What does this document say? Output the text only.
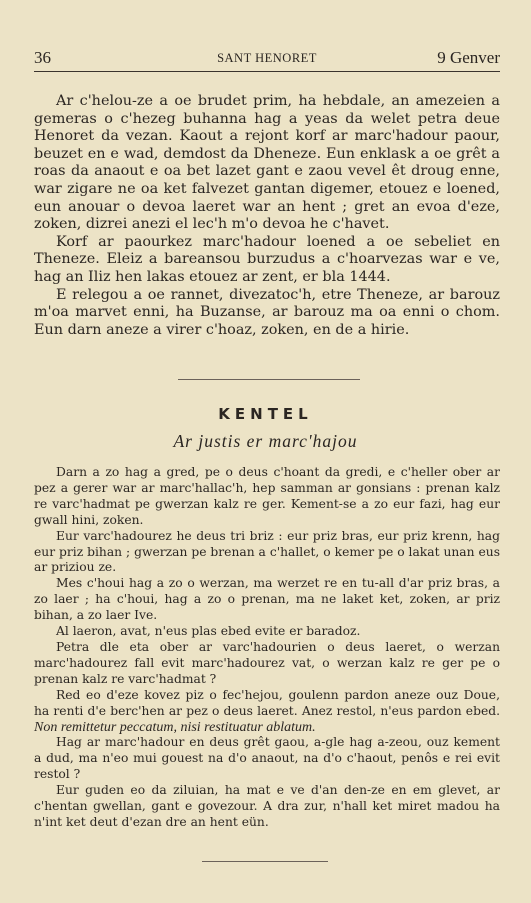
36	SANT HENORET	9 Genver

Ar c'helou-ze a oe brudet prim, ha hebdale, an amezeien a gemeras o c'hezeg buhanna hag a yeas da welet petra deue Henoret da vezan. Kaout a rejont korf ar marc'hadour paour, beuzet en e wad, demdost da Dheneze. Eun enklask a oe grêt a roas da anaout e oa bet lazet gant e zaou vevel êt droug enne, war zigare ne oa ket falvezet gantan digemer, etouez e loened, eun anouar o devoa laeret war an hent ; gret an evoa d'eze, zoken, dizrei anezi el lec'h m'o devoa he c'havet.

Korf ar paourkez marc'hadour loened a oe sebeliet en Theneze. Eleiz a bareansou burzudus a c'hoarvezas war e ve, hag an Iliz hen lakas etouez ar zent, er bla 1444.

E relegou a oe rannet, divezatoc'h, etre Theneze, ar barouz m'oa marvet enni, ha Buzanse, ar barouz ma oa enni o chom. Eun darn aneze a virer c'hoaz, zoken, en de a hirie.

KENTEL
Ar justis er marc'hajou

Darn a zo hag a gred, pe o deus c'hoant da gredi, e c'heller ober ar pez a gerer war ar marc'hallac'h, hep samman ar gonsians : prenan kalz re varc'hadmat pe gwerzan kalz re ger. Kement-se a zo eur fazi, hag eur gwall hini, zoken.

Eur varc'hadourez he deus tri briz : eur priz bras, eur priz krenn, hag eur priz bihan ; gwerzan pe brenan a c'hallet, o kemer pe o lakat unan eus ar priziou ze.

Mes c'houi hag a zo o werzan, ma werzet re en tu-all d'ar priz bras, a zo laer ; ha c'houi, hag a zo o prenan, ma ne laket ket, zoken, ar priz bihan, a zo laer Ive.

Al laeron, avat, n'eus plas ebed evite er baradoz.

Petra dle eta ober ar varc'hadourien o deus laeret, o werzan marc'hadourez fall evit marc'hadourez vat, o werzan kalz re ger pe o prenan kalz re varc'hadmat ?

Red eo d'eze kovez piz o fec'hejou, goulenn pardon aneze ouz Doue, ha renti d'e berc'hen ar pez o deus laeret. Anez restol, n'eus pardon ebed. Non remittetur peccatum, nisi restituatur ablatum.

Hag ar marc'hadour en deus grêt gaou, a-gle hag a-zeou, ouz kement a dud, ma n'eo mui gouest na d'o anaout, na d'o c'haout, penôs e rei evit restol ?

Eur guden eo da ziluian, ha mat e ve d'an den-ze en em glevet, ar c'hentan gwellan, gant e govezour. A dra zur, n'hall ket miret madou ha n'int ket deut d'ezan dre an hent eün.
